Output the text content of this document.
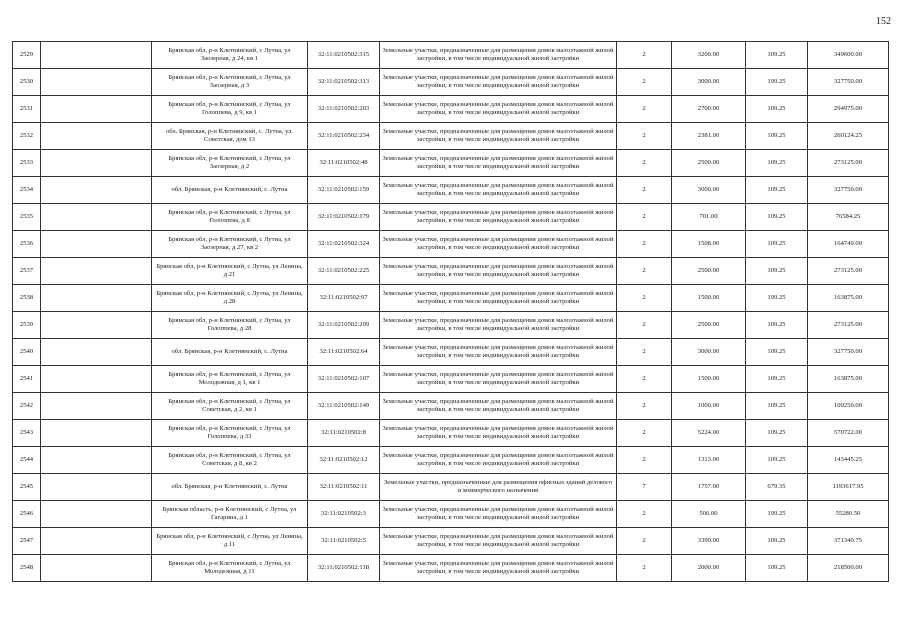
152
2529		Брянская обл, р-н Клетнянский, с Лутна, ул Заозерная, д 24, кв 1	32:11:0210502:315	Земельные участки, предназначенные для размещения домов малоэтажной жилой застройки, в том числе индивидуальной жилой застройки	2	3200.00	109.25	349600.00
2530		Брянская обл, р-н Клетнянский, с Лутна, ул Заозерная, д 3	32:11:0210502:313	Земельные участки, предназначенные для размещения домов малоэтажной жилой застройки, в том числе индивидуальной жилой застройки	2	3000.00	109.25	327750.00
2531		Брянская обл, р-н Клетнянский, с Лутна, ул Голоппева, д 9, кв 1	32:11:0210502:203	Земельные участки, предназначенные для размещения домов малоэтажной жилой застройки, в том числе индивидуальной жилой застройки	2	2700.00	109.25	294975.00
2532		обл. Брянская, р-н Клетнянский, с. Лутна, ул. Советская, дом 13	32:11:0210502:234	Земельные участки, предназначенные для размещения домов малоэтажной жилой застройки, в том числе индивидуальной жилой застройки	2	2381.00	109.25	260124.25
2533		Брянская обл, р-н Клетнянский, с Лутна, ул Заозерная, д 2	32:11:0210502:48	Земельные участки, предназначенные для размещения домов малоэтажной жилой застройки, в том числе индивидуальной жилой застройки	2	2500.00	109.25	273125.00
2534		обл. Брянская, р-н Клетнянский, с. Лутна	32:11:0210502:159	Земельные участки, предназначенные для размещения домов малоэтажной жилой застройки, в том числе индивидуальной жилой застройки	2	3000.00	109.25	327750.00
2535		Брянская обл, р-н Клетнянский, с Лутна, ул Голоппева, д 8	32:11:0210502:179	Земельные участки, предназначенные для размещения домов малоэтажной жилой застройки, в том числе индивидуальной жилой застройки	2	701.00	109.25	76584.25
2536		Брянская обл, р-н Клетнянский, с Лутна, ул Заозерная, д 27, кв 2	32:11:0210502:324	Земельные участки, предназначенные для размещения домов малоэтажной жилой застройки, в том числе индивидуальной жилой застройки	2	1508.00	109.25	164749.00
2537		Брянская обл, р-н Клетнянский, с Лутна, ул Ленина, д 21	32:11:0210502:225	Земельные участки, предназначенные для размещения домов малоэтажной жилой застройки, в том числе индивидуальной жилой застройки	2	2500.00	109.25	273125.00
2538		Брянская обл, р-н Клетнянский, с Лутна, ул Ленина, д 28	32:11:0210502:97	Земельные участки, предназначенные для размещения домов малоэтажной жилой застройки, в том числе индивидуальной жилой застройки	2	1500.00	109.25	163875.00
2539		Брянская обл, р-н Клетнянский, с Лутна, ул Голоппева, д 28	32:11:0210502:209	Земельные участки, предназначенные для размещения домов малоэтажной жилой застройки, в том числе индивидуальной жилой застройки	2	2500.00	109.25	273125.00
2540		обл. Брянская, р-н Клетнянский, с. Лутна	32:11:0210502:64	Земельные участки, предназначенные для размещения домов малоэтажной жилой застройки, в том числе индивидуальной жилой застройки	2	3000.00	109.25	327750.00
2541		Брянская обл, р-н Клетнянский, с Лутна, ул Молодежная, д 1, кв 1	32:11:0210502:107	Земельные участки, предназначенные для размещения домов малоэтажной жилой застройки, в том числе индивидуальной жилой застройки	2	1500.00	109.25	163875.00
2542		Брянская обл, р-н Клетнянский, с Лутна, ул Советская, д 2, кв 1	32:11:0210502:149	Земельные участки, предназначенные для размещения домов малоэтажной жилой застройки, в том числе индивидуальной жилой застройки	2	1000.00	109.25	109250.00
2543		Брянская обл, р-н Клетнянский, с Лутна, ул Голоппева, д 33	32:11:0210502:8	Земельные участки, предназначенные для размещения домов малоэтажной жилой застройки, в том числе индивидуальной жилой застройки	2	5224.00	109.25	570722.00
2544		Брянская обл, р-н Клетнянский, с Лутна, ул Советская, д 8, кв 2	32:11:0210502:12	Земельные участки, предназначенные для размещения домов малоэтажной жилой застройки, в том числе индивидуальной жилой застройки	2	1313.00	109.25	143445.25
2545		обл. Брянская, р-н Клетнянский, с. Лутна	32:11:0210502:11	Земельные участки, предназначенные для размещения офисных зданий делового и коммерческого назначения	7	1757.00	679.35	1193617.95
2546		Брянская область, р-н Клетнянский, с Лутна, ул Гагарина, д 1	32:11:0210502:3	Земельные участки, предназначенные для размещения домов малоэтажной жилой застройки, в том числе индивидуальной жилой застройки	2	506.00	109.25	55280.50
2547		Брянская обл, р-н Клетнянский, с Лутна, ул Ленина, д 11	32:11:0210502:5	Земельные участки, предназначенные для размещения домов малоэтажной жилой застройки, в том числе индивидуальной жилой застройки	2	3399.00	109.25	371340.75
2548		Брянская обл, р-н Клетнянский, с Лутна, ул Молодежная, д 11	32:11:0210502:118	Земельные участки, предназначенные для размещения домов малоэтажной жилой застройки, в том числе индивидуальной жилой застройки	2	2000.00	109.25	218500.00
